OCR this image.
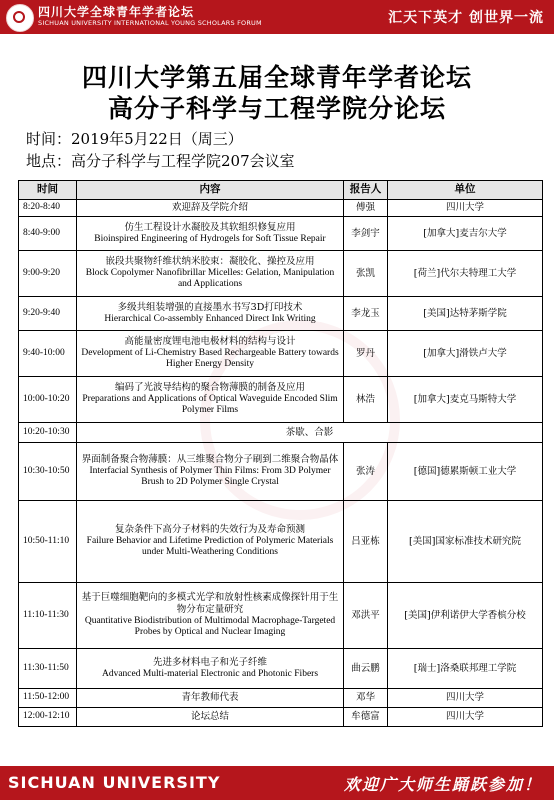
四川大学全球青年学者论坛
SICHUAN UNIVERSITY INTERNATIONAL YOUNG SCHOLARS FORUM	汇天下英才 创世界一流
四川大学第五届全球青年学者论坛
高分子科学与工程学院分论坛
时间：2019年5月22日（周三）
地点：高分子科学与工程学院207会议室
时间	内容	报告人	单位
8:20-8:40	欢迎辞及学院介绍	傅强	四川大学
8:40-9:00	仿生工程设计水凝胶及其软组织修复应用
Bioinspired Engineering of Hydrogels for Soft Tissue Repair	李剑宇	[加拿大]麦吉尔大学
9:00-9:20	嵌段共聚物纤维状纳米胶束：凝胶化、操控及应用
Block Copolymer Nanofibrillar Micelles: Gelation, Manipulation and Applications	张凯	[荷兰]代尔夫特理工大学
9:20-9:40	多级共组装增强的直接墨水书写3D打印技术
Hierarchical Co-assembly Enhanced Direct Ink Writing	李龙玉	[美国]达特茅斯学院
9:40-10:00	高能量密度锂电池电极材料的结构与设计
Development of Li-Chemistry Based Rechargeable Battery towards Higher Energy Density	罗丹	[加拿大]滑铁卢大学
10:00-10:20	编码了光波导结构的聚合物薄膜的制备及应用
Preparations and Applications of Optical Waveguide Encoded Slim Polymer Films	林浩	[加拿大]麦克马斯特大学
10:20-10:30	茶歇、合影		
10:30-10:50	界面制备聚合物薄膜：从三维聚合物分子刷到二维聚合物晶体
Interfacial Synthesis of Polymer Thin Films: From 3D Polymer Brush to 2D Polymer Single Crystal	张涛	[德国]德累斯顿工业大学
10:50-11:10	复杂条件下高分子材料的失效行为及寿命预测
Failure Behavior and Lifetime Prediction of Polymeric Materials under Multi-Weathering Conditions	吕亚栋	[美国]国家标准技术研究院
11:10-11:30	基于巨噬细胞靶向的多模式光学和放射性核素成像探针用于生物分布定量研究
Quantitative Biodistribution of Multimodal Macrophage-Targeted Probes by Optical and Nuclear Imaging	邓洪平	[美国]伊利诺伊大学香槟分校
11:30-11:50	先进多材料电子和光子纤维
Advanced Multi-material Electronic and Photonic Fibers	曲云鹏	[瑞士]洛桑联邦理工学院
11:50-12:00	青年教师代表	邓华	四川大学
12:00-12:10	论坛总结	牟德富	四川大学
SICHUAN UNIVERSITY	欢迎广大师生踊跃参加！
